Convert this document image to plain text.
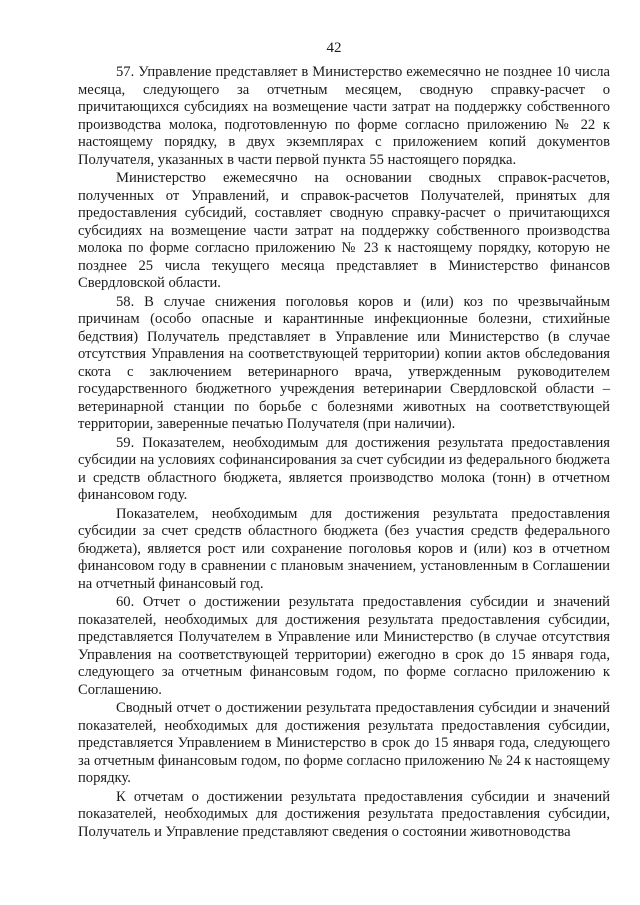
42

57. Управление представляет в Министерство ежемесячно не позднее 10 числа месяца, следующего за отчетным месяцем, сводную справку-расчет о причитающихся субсидиях на возмещение части затрат на поддержку собственного производства молока, подготовленную по форме согласно приложению № 22 к настоящему порядку, в двух экземплярах с приложением копий документов Получателя, указанных в части первой пункта 55 настоящего порядка.

Министерство ежемесячно на основании сводных справок-расчетов, полученных от Управлений, и справок-расчетов Получателей, принятых для предоставления субсидий, составляет сводную справку-расчет о причитающихся субсидиях на возмещение части затрат на поддержку собственного производства молока по форме согласно приложению № 23 к настоящему порядку, которую не позднее 25 числа текущего месяца представляет в Министерство финансов Свердловской области.

58. В случае снижения поголовья коров и (или) коз по чрезвычайным причинам (особо опасные и карантинные инфекционные болезни, стихийные бедствия) Получатель представляет в Управление или Министерство (в случае отсутствия Управления на соответствующей территории) копии актов обследования скота с заключением ветеринарного врача, утвержденным руководителем государственного бюджетного учреждения ветеринарии Свердловской области – ветеринарной станции по борьбе с болезнями животных на соответствующей территории, заверенные печатью Получателя (при наличии).

59. Показателем, необходимым для достижения результата предоставления субсидии на условиях софинансирования за счет субсидии из федерального бюджета и средств областного бюджета, является производство молока (тонн) в отчетном финансовом году.

Показателем, необходимым для достижения результата предоставления субсидии за счет средств областного бюджета (без участия средств федерального бюджета), является рост или сохранение поголовья коров и (или) коз в отчетном финансовом году в сравнении с плановым значением, установленным в Соглашении на отчетный финансовый год.

60. Отчет о достижении результата предоставления субсидии и значений показателей, необходимых для достижения результата предоставления субсидии, представляется Получателем в Управление или Министерство (в случае отсутствия Управления на соответствующей территории) ежегодно в срок до 15 января года, следующего за отчетным финансовым годом, по форме согласно приложению к Соглашению.

Сводный отчет о достижении результата предоставления субсидии и значений показателей, необходимых для достижения результата предоставления субсидии, представляется Управлением в Министерство в срок до 15 января года, следующего за отчетным финансовым годом, по форме согласно приложению № 24 к настоящему порядку.

К отчетам о достижении результата предоставления субсидии и значений показателей, необходимых для достижения результата предоставления субсидии, Получатель и Управление представляют сведения о состоянии животноводства
